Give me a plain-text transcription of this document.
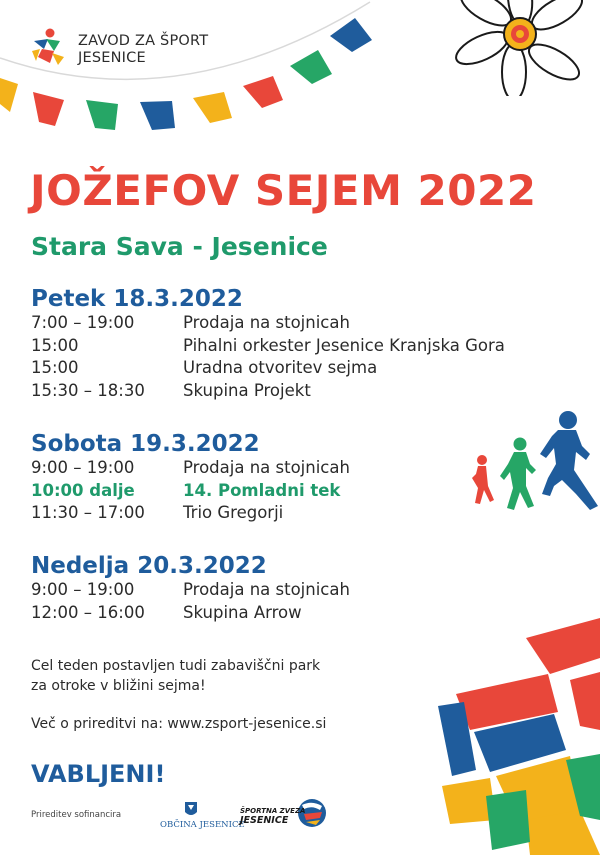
ZAVOD ZA ŠPORT
JESENICE
JOŽEFOV SEJEM 2022
Stara Sava - Jesenice
Petek 18.3.2022
7:00 – 19:00	Prodaja na stojnicah
15:00	Pihalni orkester Jesenice Kranjska Gora
15:00	Uradna otvoritev sejma
15:30 – 18:30 Skupina Projekt
Sobota 19.3.2022
9:00 – 19:00	Prodaja na stojnicah
10:00 dalje	14. Pomladni tek
11:30 – 17:00 Trio Gregorji
Nedelja 20.3.2022
9:00 – 19:00	Prodaja na stojnicah
12:00 – 16:00 Skupina Arrow
Cel teden postavljen tudi zabaviščni park
za otroke v bližini sejma!
Več o prireditvi na: www.zsport-jesenice.si
VABLJENI!
Prireditev sofinancira
OBČINA JESENICE
ŠPORTNA ZVEZA
JESENICE
